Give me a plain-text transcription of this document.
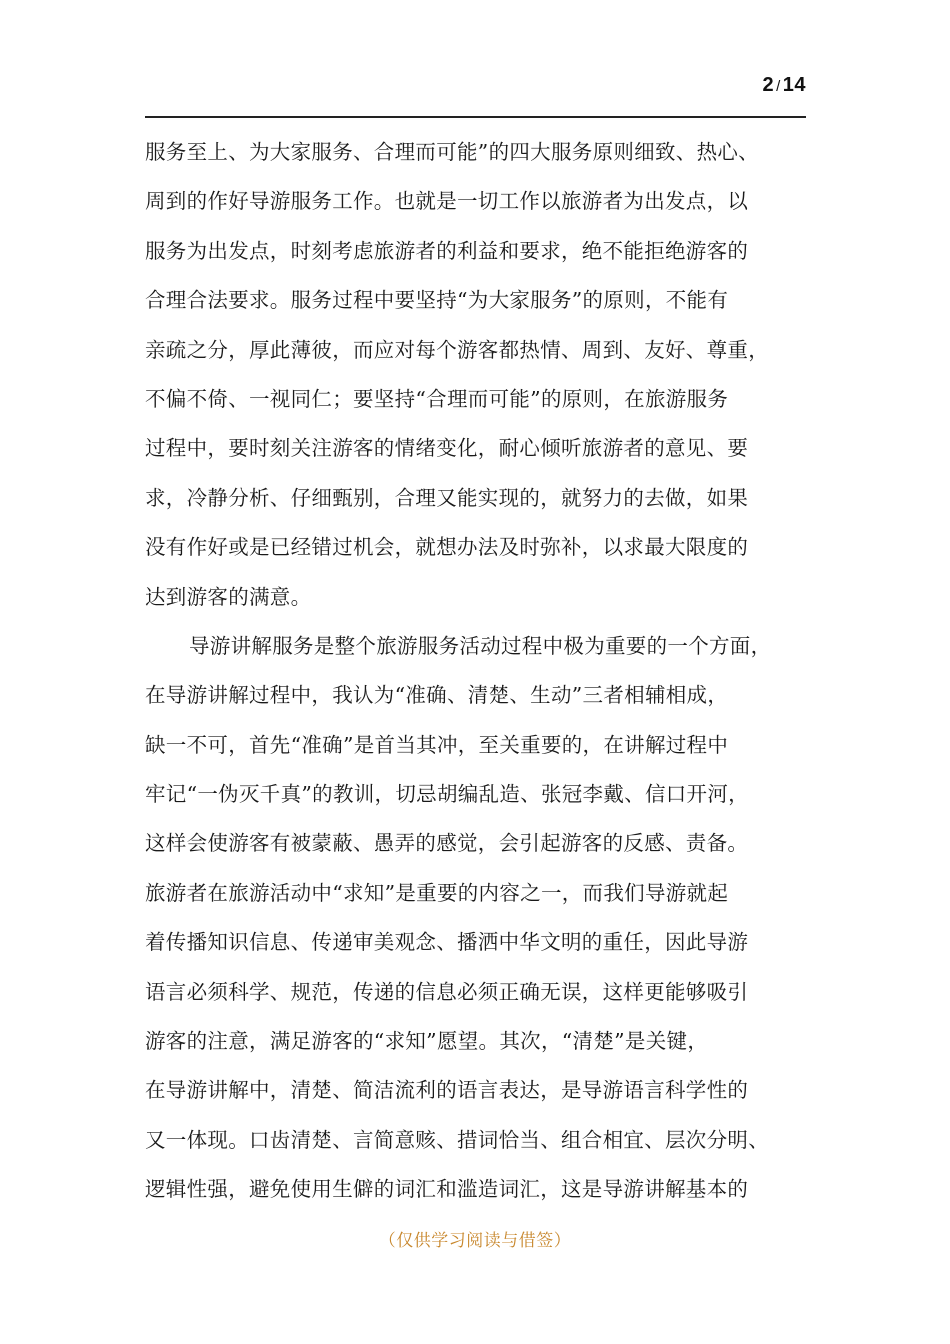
2 / 14
服务至上、为大家服务、合理而可能”的四大服务原则细致、热心、
周到的作好导游服务工作。也就是一切工作以旅游者为出发点，以
服务为出发点，时刻考虑旅游者的利益和要求，绝不能拒绝游客的
合理合法要求。服务过程中要坚持“为大家服务”的原则，不能有
亲疏之分，厚此薄彼，而应对每个游客都热情、周到、友好、尊重，
不偏不倚、一视同仁；要坚持“合理而可能”的原则，在旅游服务
过程中，要时刻关注游客的情绪变化，耐心倾听旅游者的意见、要
求，冷静分析、仔细甄别，合理又能实现的，就努力的去做，如果
没有作好或是已经错过机会，就想办法及时弥补，以求最大限度的
达到游客的满意。
导游讲解服务是整个旅游服务活动过程中极为重要的一个方面，
在导游讲解过程中，我认为“准确、清楚、生动”三者相辅相成，
缺一不可，首先“准确”是首当其冲，至关重要的，在讲解过程中
牢记“一伪灭千真”的教训，切忌胡编乱造、张冠李戴、信口开河，
这样会使游客有被蒙蔽、愚弄的感觉，会引起游客的反感、责备。
旅游者在旅游活动中“求知”是重要的内容之一，而我们导游就起
着传播知识信息、传递审美观念、播洒中华文明的重任，因此导游
语言必须科学、规范，传递的信息必须正确无误，这样更能够吸引
游客的注意，满足游客的“求知”愿望。其次，“清楚”是关键，
在导游讲解中，清楚、简洁流利的语言表达，是导游语言科学性的
又一体现。口齿清楚、言简意赅、措词恰当、组合相宜、层次分明、
逻辑性强，避免使用生僻的词汇和滥造词汇，这是导游讲解基本的
（仅供学习阅读与借签）
